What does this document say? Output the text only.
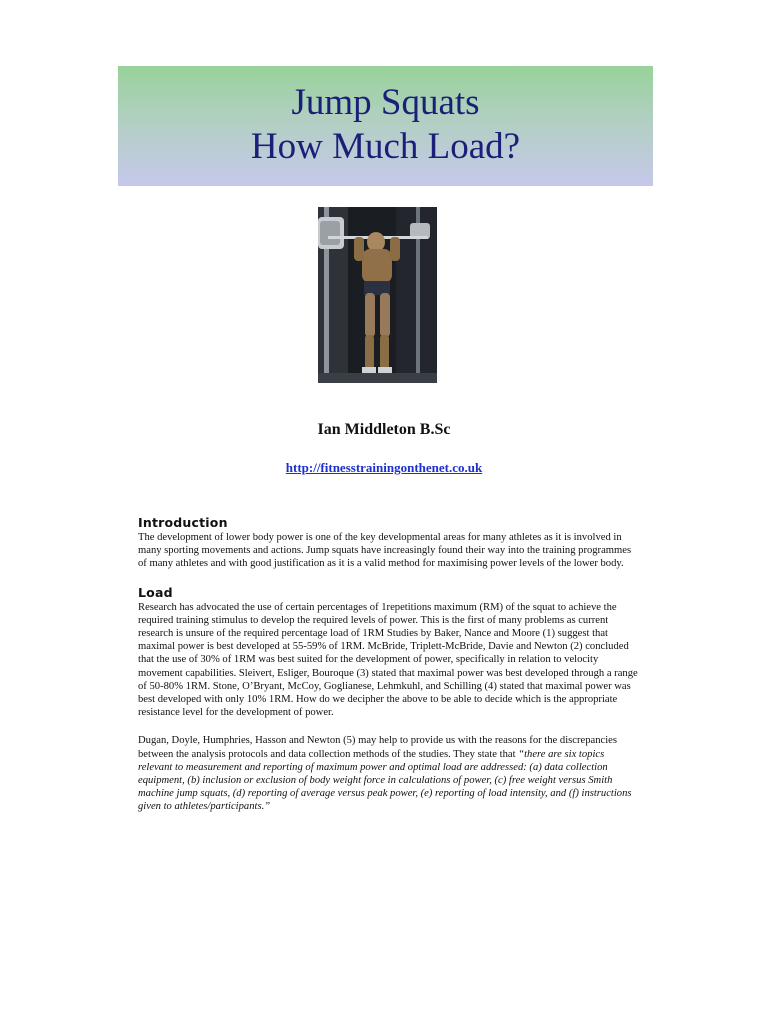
Jump Squats
How Much Load?
Ian Middleton B.Sc
http://fitnesstrainingonthenet.co.uk
Introduction

The development of lower body power is one of the key developmental areas for many athletes as it is involved in many sporting movements and actions. Jump squats have increasingly found their way into the training programmes of many athletes and with good justification as it is a valid method for maximising power levels of the lower body.

Load

Research has advocated the use of certain percentages of 1repetitions maximum (RM) of the squat to achieve the required training stimulus to develop the required levels of power. This is the first of many problems as current research is unsure of the required percentage load of 1RM Studies by Baker, Nance and Moore (1) suggest that maximal power is best developed at 55-59% of 1RM. McBride, Triplett-McBride, Davie and Newton (2) concluded that the use of 30% of 1RM was best suited for the development of power, specifically in relation to velocity movement capabilities. Sleivert, Esliger, Bouroque (3) stated that maximal power was best developed through a range of 50-80% 1RM. Stone, O’Bryant, McCoy, Goglianese, Lehmkuhl, and Schilling (4) stated that maximal power was best developed with only 10% 1RM. How do we decipher the above to be able to decide which is the appropriate resistance level for the development of power.

Dugan, Doyle, Humphries, Hasson and Newton (5) may help to provide us with the reasons for the discrepancies between the analysis protocols and data collection methods of the studies. They state that “there are six topics relevant to measurement and reporting of maximum power and optimal load are addressed: (a) data collection equipment, (b) inclusion or exclusion of body weight force in calculations of power, (c) free weight versus Smith machine jump squats, (d) reporting of average versus peak power, (e) reporting of load intensity, and (f) instructions given to athletes/participants.”
